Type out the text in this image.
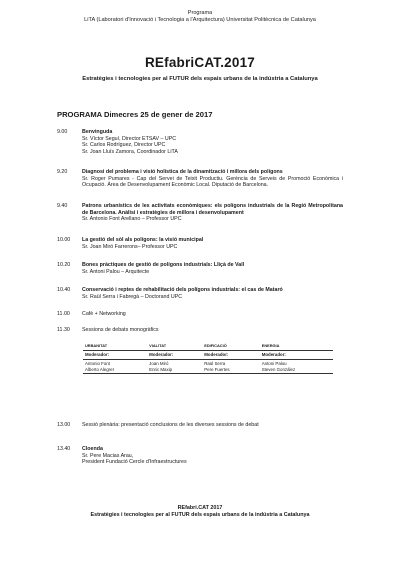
Programa
LiTA (Laboratori d'Innovació i Tecnologia a l'Arquitectura) Universitat Politècnica de Catalunya
REfabriCAT.2017
Estratègies i tecnologies per al FUTUR dels espais urbans de la indústria a Catalunya
PROGRAMA Dimecres 25 de gener de 2017
9.00	Benvinguda
Sr. Víctor Seguí, Director ETSAV – UPC
Sr. Carlos Rodríguez, Director UPC
Sr. Joan Lluís Zamora, Coordinador LiTA
9.20	Diagnosi del problema i visió holística de la dinamització i millora dels polígons
Sr. Roger Pumares - Cap del Servei de Teixit Productiu. Gerència de Serveis de Promoció Econòmica i Ocupació. Àrea de Desenvolupament Econòmic Local. Diputació de Barcelona.
9.40	Patrons urbanístics de les activitats econòmiques: els polígons industrials de la Regió Metropolitana de Barcelona. Anàlisi i estratègies de millora i desenvolupament
Sr. Antonio Font Arellano – Professor UPC
10.00	La gestió del sòl als polígons: la visió municipal
Sr. Joan Miró Farrerons– Professor UPC
10.20	Bones pràctiques de gestió de polígons industrials: Lliçà de Vall
Sr. Antoni Palou – Arquitecte
10.40	Conservació i reptes de rehabilitació dels polígons industrials: el cas de Mataró
Sr. Raül Serra i Fabregà – Doctorand UPC
11.00	Cafè + Networking
11.30	Sessions de debats monogràfics
URBANITAT	VIALITAT	EDIFICACIÓ	ENERGIA
Moderador:	Moderador:	Moderador:	Moderador:
Antonio Font	Joan Miró	Raül Serra	Antoni Palou
Alberto Alegret	Enric Maxip	Pere Fuertes	Steven González
13.00	Sessió plenària: presentació conclusions de les diverses sessions de debat
13.40	Cloenda
Sr. Pere Macias Arau,
President Fundació Cercle d'Infraestructures
REfabri.CAT 2017
Estratègies i tecnologies per al FUTUR dels espais urbans de la indústria a Catalunya
